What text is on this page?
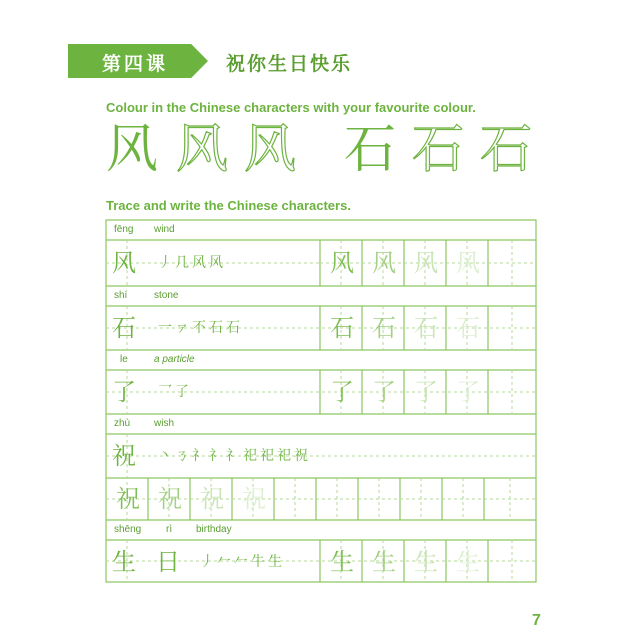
第四课	祝你生日快乐
Colour in the Chinese characters with your favourite colour.
风 风 风 石 石 石
Trace and write the Chinese characters.
fēng wind
风 丿几风风	风 风 风 风
shí	stone
石 一ァ不石石	石 石 石 石
le	a particle
了 乛了	了 了 了 了
zhù wish
祝 丶ㄋ礻礻礻祀祀祀祝
祝 祝 祝 祝
shēng rì birthday
生 日 丿𠂉𠂉牛生	生 生 生 生
7
